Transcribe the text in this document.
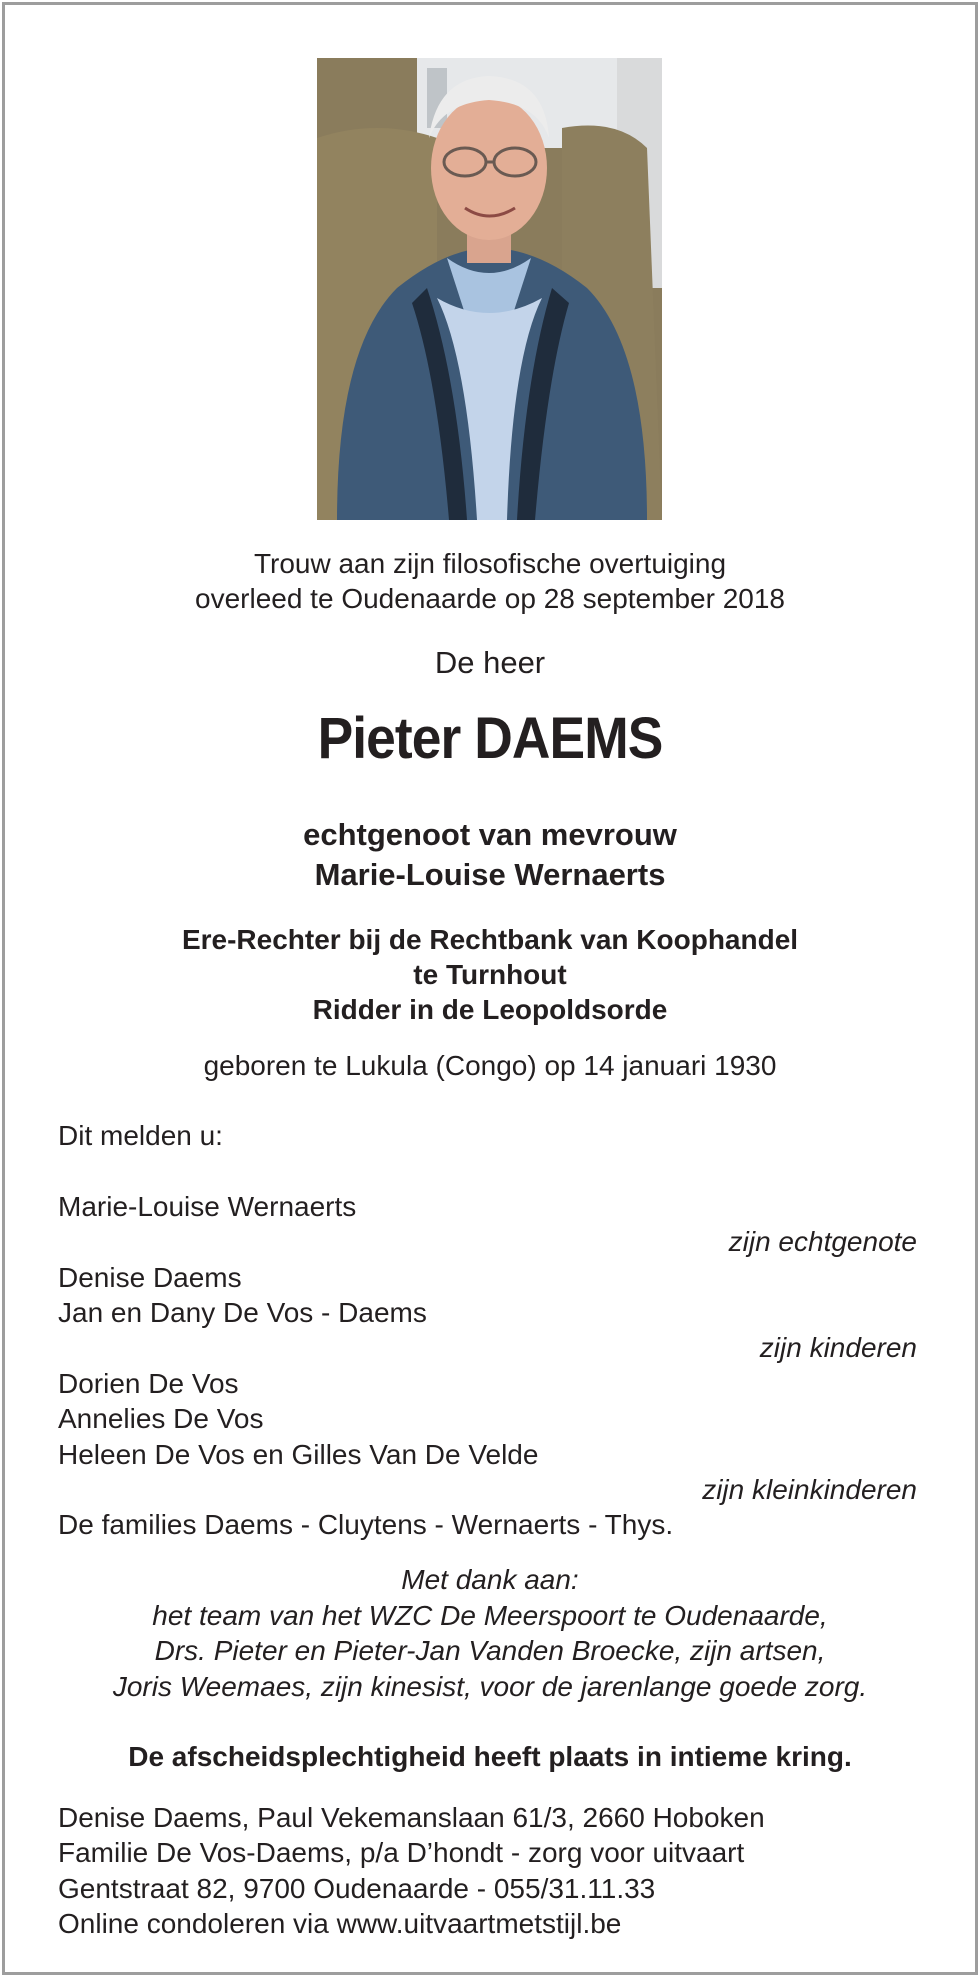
Trouw aan zijn filosofische overtuiging
overleed te Oudenaarde op 28 september 2018
De heer
Pieter DAEMS
echtgenoot van mevrouw
Marie-Louise Wernaerts
Ere-Rechter bij de Rechtbank van Koophandel
te Turnhout
Ridder in de Leopoldsorde
geboren te Lukula (Congo) op 14 januari 1930
Dit melden u:
Marie-Louise Wernaerts
zijn echtgenote
Denise Daems
Jan en Dany De Vos - Daems
zijn kinderen
Dorien De Vos
Annelies De Vos
Heleen De Vos en Gilles Van De Velde
zijn kleinkinderen
De families Daems - Cluytens - Wernaerts - Thys.
Met dank aan:
het team van het WZC De Meerspoort te Oudenaarde,
Drs. Pieter en Pieter-Jan Vanden Broecke, zijn artsen,
Joris Weemaes, zijn kinesist, voor de jarenlange goede zorg.
De afscheidsplechtigheid heeft plaats in intieme kring.
Denise Daems, Paul Vekemanslaan 61/3, 2660 Hoboken
Familie De Vos-Daems, p/a D’hondt - zorg voor uitvaart
Gentstraat 82, 9700 Oudenaarde - 055/31.11.33
Online condoleren via www.uitvaartmetstijl.be
